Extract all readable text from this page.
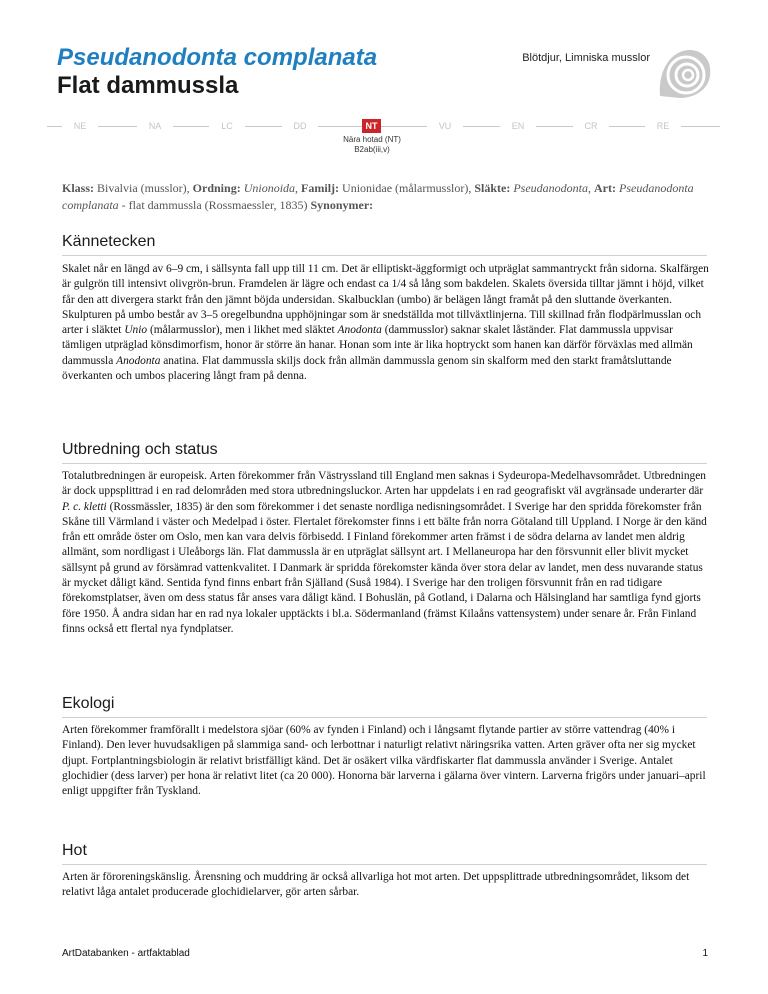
Pseudanodonta complanata
Flat dammussla
Blötdjur, Limniska musslor
NE	NA	LC	DD	NT	VU	EN	CR	RE
Nära hotad (NT)
B2ab(iii,v)
Klass: Bivalvia (musslor), Ordning: Unionoida, Familj: Unionidae (målarmusslor), Släkte: Pseudanodonta, Art: Pseudanodonta complanata - flat dammussla (Rossmaessler, 1835) Synonymer:
Kännetecken

Skalet når en längd av 6–9 cm, i sällsynta fall upp till 11 cm. Det är elliptiskt-äggformigt och utpräglat sammantryckt från sidorna. Skalfärgen är gulgrön till intensivt olivgrön-brun. Framdelen är lägre och endast ca 1/4 så lång som bakdelen. Skalets översida tilltar jämnt i höjd, vilket får den att divergera starkt från den jämnt böjda undersidan. Skalbucklan (umbo) är belägen långt framåt på den sluttande överkanten. Skulpturen på umbo består av 3–5 oregelbundna upphöjningar som är snedställda mot tillväxtlinjerna. Till skillnad från flodpärlmusslan och arter i släktet Unio (målarmusslor), men i likhet med släktet Anodonta (dammusslor) saknar skalet låständer. Flat dammussla uppvisar tämligen utpräglad könsdimorfism, honor är större än hanar. Honan som inte är lika hoptryckt som hanen kan därför förväxlas med allmän dammussla Anodonta anatina. Flat dammussla skiljs dock från allmän dammussla genom sin skalform med den starkt framåtsluttande överkanten och umbos placering långt fram på denna.

Utbredning och status

Totalutbredningen är europeisk. Arten förekommer från Västryssland till England men saknas i Sydeuropa-Medelhavsområdet. Utbredningen är dock uppsplittrad i en rad delområden med stora utbredningsluckor. Arten har uppdelats i en rad geografiskt väl avgränsade underarter där P. c. kletti (Rossmässler, 1835) är den som förekommer i det senaste nordliga nedisningsområdet. I Sverige har den spridda förekomster från Skåne till Värmland i väster och Medelpad i öster. Flertalet förekomster finns i ett bälte från norra Götaland till Uppland. I Norge är den känd från ett område öster om Oslo, men kan vara delvis förbisedd. I Finland förekommer arten främst i de södra delarna av landet men aldrig allmänt, som nordligast i Uleåborgs län. Flat dammussla är en utpräglat sällsynt art. I Mellaneuropa har den försvunnit eller blivit mycket sällsynt på grund av försämrad vattenkvalitet. I Danmark är spridda förekomster kända över stora delar av landet, men dess nuvarande status är mycket dåligt känd. Sentida fynd finns enbart från Själland (Suså 1984). I Sverige har den troligen försvunnit från en rad tidigare förekomstplatser, även om dess status får anses vara dåligt känd. I Bohuslän, på Gotland, i Dalarna och Hälsingland har samtliga fynd gjorts före 1950. Å andra sidan har en rad nya lokaler upptäckts i bl.a. Södermanland (främst Kilaåns vattensystem) under senare år. Från Finland finns också ett flertal nya fyndplatser.

Ekologi

Arten förekommer framförallt i medelstora sjöar (60% av fynden i Finland) och i långsamt flytande partier av större vattendrag (40% i Finland). Den lever huvudsakligen på slammiga sand- och lerbottnar i naturligt relativt näringsrika vatten. Arten gräver ofta ner sig mycket djupt. Fortplantningsbiologin är relativt bristfälligt känd. Det är osäkert vilka värdfiskarter flat dammussla använder i Sverige. Antalet glochidier (dess larver) per hona är relativt litet (ca 20 000). Honorna bär larverna i gälarna över vintern. Larverna frigörs under januari–april enligt uppgifter från Tyskland.

Hot

Arten är föroreningskänslig. Årensning och muddring är också allvarliga hot mot arten. Det uppsplittrade utbredningsområdet, liksom det relativt låga antalet producerade glochidielarver, gör arten sårbar.

ArtDatabanken - artfaktablad	1
